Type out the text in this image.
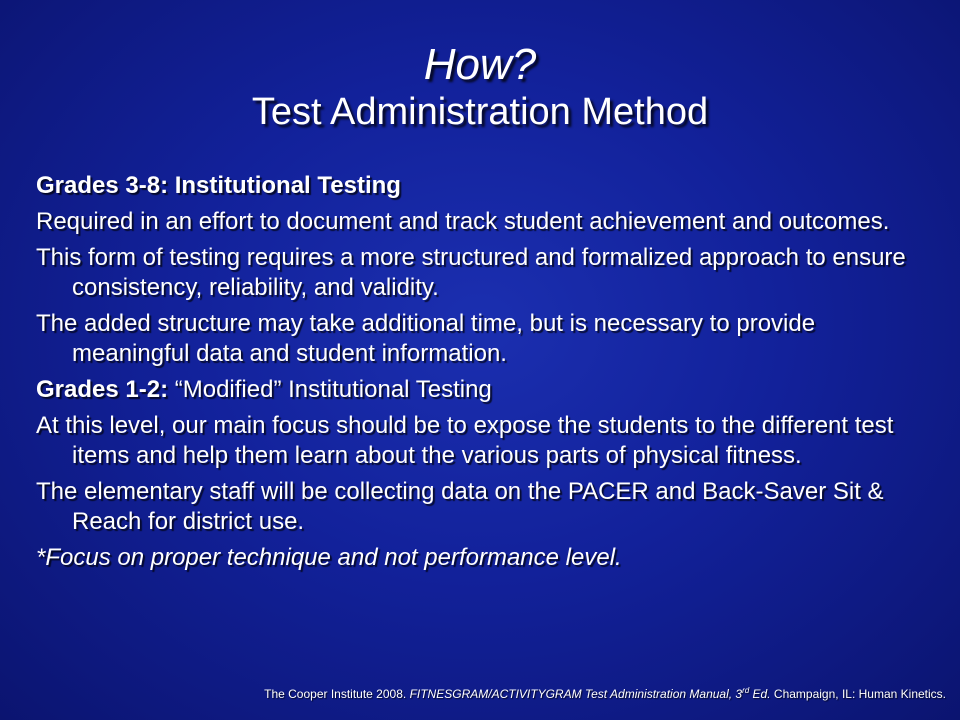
How?
Test Administration Method

Grades 3-8: Institutional Testing

Required in an effort to document and track student achievement and outcomes.

This form of testing requires a more structured and formalized approach to ensure consistency, reliability, and validity.

The added structure may take additional time, but is necessary to provide meaningful data and student information.

Grades 1-2: “Modified” Institutional Testing

At this level, our main focus should be to expose the students to the different test items and help them learn about the various parts of physical fitness.

The elementary staff will be collecting data on the PACER and Back-Saver Sit & Reach for district use.

*Focus on proper technique and not performance level.

The Cooper Institute 2008. FITNESGRAM/ACTIVITYGRAM Test Administration Manual, 3rd Ed. Champaign, IL: Human Kinetics.
